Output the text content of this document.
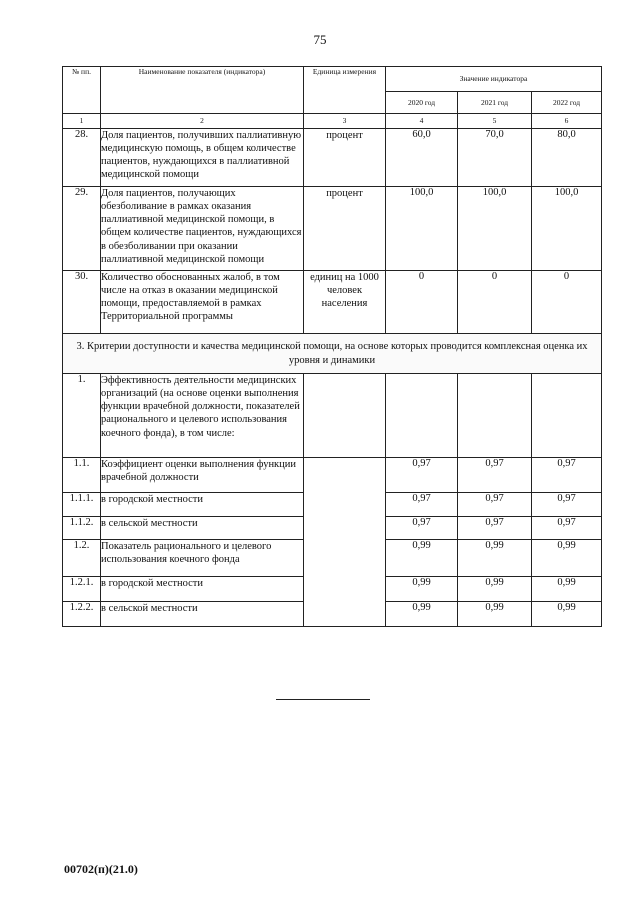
75
№ пп.	Наименование показателя (индикатора)	Единица измерения	Значение индикатора		
			2020 год	2021 год	2022 год
1	2	3	4	5	6
28.	Доля пациентов, получивших паллиативную медицинскую помощь, в общем количестве пациентов, нуждающихся в паллиативной медицинской помощи	процент	60,0	70,0	80,0
29.	Доля пациентов, получающих обезболивание в рамках оказания паллиативной медицинской помощи, в общем количестве пациентов, нуждающихся в обезболивании при оказании паллиативной медицинской помощи	процент	100,0	100,0	100,0
30.	Количество обоснованных жалоб, в том числе на отказ в оказании медицинской помощи, предоставляемой в рамках Территориальной программы	единиц на 1000 человек населения	0	0	0
3. Критерии доступности и качества медицинской помощи, на основе которых проводится комплексная оценка их уровня и динамики					
1.	Эффективность деятельности медицинских организаций (на основе оценки выполнения функции врачебной должности, показателей рационального и целевого использования коечного фонда), в том числе:				
1.1.	Коэффициент оценки выполнения функции врачебной должности		0,97	0,97	0,97
1.1.1.	в городской местности		0,97	0,97	0,97
1.1.2.	в сельской местности		0,97	0,97	0,97
1.2.	Показатель рационального и целевого использования коечного фонда		0,99	0,99	0,99
1.2.1.	в городской местности		0,99	0,99	0,99
1.2.2.	в сельской местности		0,99	0,99	0,99
00702(п)(21.0)
